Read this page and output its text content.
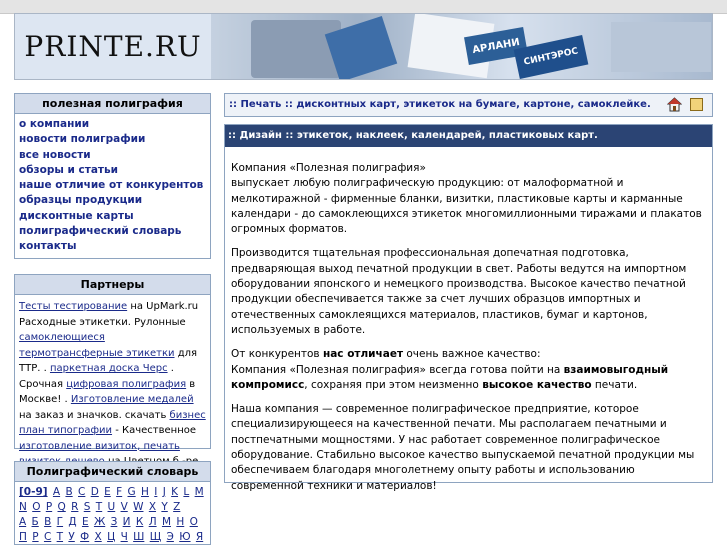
PRINTE.RU	АРЛАНИ
СИНТЭРОС
полезная полиграфия
о компании
новости полиграфии
все новости
обзоры и статьи
наше отличие от конкурентов
образцы продукции
дисконтные карты
полиграфический словарь
контакты
Партнеры
Тесты тестирование на UpMark.ru
Расходные этикетки. Рулонные самоклеющиеся термотрансферные этикетки для ТТР. . паркетная доска Черс . Срочная цифровая полиграфия в Москве! . Изготовление медалей на заказ и значков. скачать бизнес план типографии - Качественное изготовление визиток, печать
Полиграфический словарь
[0-9] A B C D E F G H I J K L M N O P Q R S T U V W X Y Z
А Б В Г Д Е Ж З И К Л М Н О П Р С Т У Ф Х Ц Ч Ш Щ Э Ю Я
:: Печать :: дисконтных карт, этикеток на бумаге, картоне, самоклейке.
:: Дизайн :: этикеток, наклеек, календарей, пластиковых карт.

Компания «Полезная полиграфия»
выпускает любую полиграфическую продукцию: от малоформатной и мелкотиражной - фирменные бланки, визитки, пластиковые карты и карманные календари - до самоклеющихся этикеток многомиллионными тиражами и плакатов огромных форматов.

Производится тщательная профессиональная допечатная подготовка, предваряющая выход печатной продукции в свет. Работы ведутся на импортном оборудовании японского и немецкого производства. Высокое качество печатной продукции обеспечивается также за счет лучших образцов импортных и отечественных самоклеящихся материалов, пластиков, бумаг и картонов, используемых в работе.

От конкурентов нас отличает очень важное качество:
Компания «Полезная полиграфия» всегда готова пойти на взаимовыгодный компромисс, сохраняя при этом неизменно высокое качество печати.

Наша компания — современное полиграфическое предприятие, которое специализирующееся на качественной печати. Мы располагаем печатными и постпечатными мощностями. У нас работает современное полиграфическое оборудование. Стабильно высокое качество выпускаемой печатной продукции мы обеспечиваем благодаря многолетнему опыту работы и использованию современной техники и материалов!
